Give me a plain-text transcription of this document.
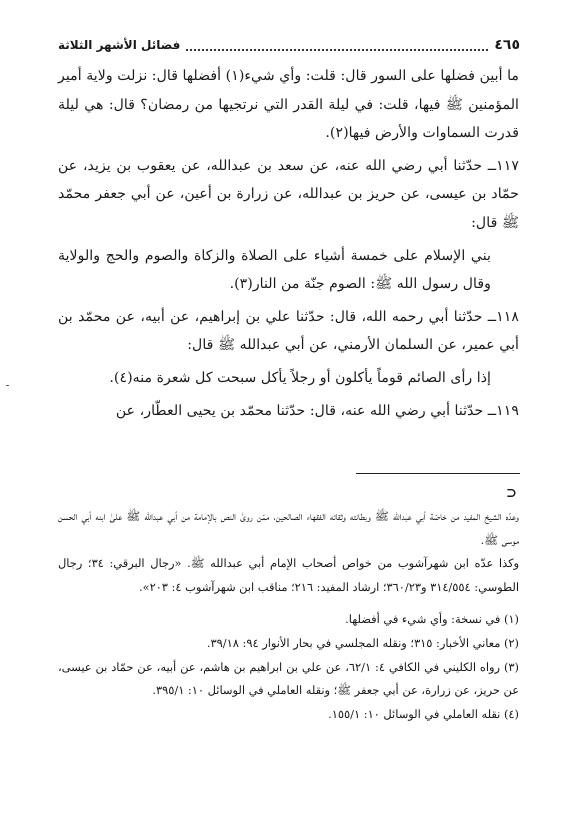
٤٦٥
فضائل الأشهر الثلاثة

ما أبين فضلها على السور قال: قلت: وأي شيء(١) أفضلها قال: نزلت ولاية أمير المؤمنين ﷺ فيها، قلت: في ليلة القدر التي نرتجيها من رمضان؟ قال: هي ليلة قدرت السماوات والأرض فيها(٢).

١١٧ــ حدّثنا أبي رضي الله عنه، عن سعد بن عبدالله، عن يعقوب بن يزيد، عن حمّاد بن عيسى، عن حريز بن عبدالله، عن زرارة بن أعين، عن أبي جعفر محمّد ﷺ قال:

بني الإسلام على خمسة أشياء على الصلاة والزكاة والصوم والحج والولاية وقال رسول الله ﷺ: الصوم جنّة من النار(٣).

١١٨ــ حدّثنا أبي رحمه الله، قال: حدّثنا علي بن إبراهيم، عن أبيه، عن محمّد بن أبي عمير، عن السلمان الأرمني، عن أبي عبدالله ﷺ قال:

إذا رأى الصائم قوماً يأكلون أو رجلاً يأكل سبحت كل شعرة منه(٤).

١١٩ــ حدّثنا أبي رضي الله عنه، قال: حدّثنا محمّد بن يحيى العطّار، عن

ـ
⊃

وعدّه الشيخ المفيد من خاصّة أبي عبدالله ﷺ وبطانته وثقاته الفقهاء الصالحين، ممّن روىٰ النص بالإمامة من أبي عبدالله ﷺ علىٰ ابنه أبي الحسن موسى ﷺ.

وكذا عدّه ابن شهرآشوب من خواص أصحاب الإمام أبي عبدالله ﷺ. «رجال البرقي: ٣٤؛ رجال الطوسي: ٣١٤/٥٥٤ و٣٦٠/٢٣؛ ارشاد المفيد: ٢١٦؛ مناقب ابن شهرآشوب ٤: ٢٠٣».

(١) في نسخة: وأي شيء في أفضلها.

(٢) معاني الأخبار: ٣١٥؛ ونقله المجلسي في بحار الأنوار ٩٤: ٣٩/١٨.

(٣) رواه الكليني في الكافي ٤: ٦٢/١، عن علي بن ابراهيم بن هاشم، عن أبيه، عن حمّاد بن عيسى، عن حريز، عن زرارة، عن أبي جعفر ﷺ؛ ونقله العاملي في الوسائل ١٠: ٣٩٥/١.

(٤) نقله العاملي في الوسائل ١٠: ١٥٥/١.
